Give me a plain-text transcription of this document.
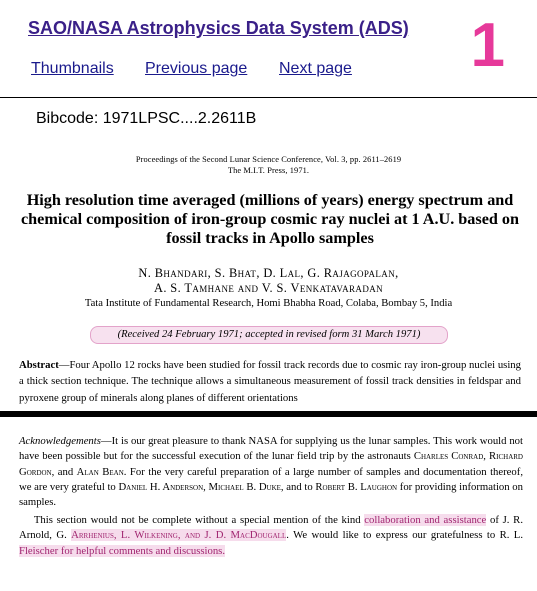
SAO/NASA Astrophysics Data System (ADS) 1
Thumbnails Previous page Next page
Bibcode: 1971LPSC....2.2611B
Proceedings of the Second Lunar Science Conference, Vol. 3, pp. 2611–2619
The M.I.T. Press, 1971.
High resolution time averaged (millions of years) energy spectrum and chemical composition of iron-group cosmic ray nuclei at 1 A.U. based on fossil tracks in Apollo samples
N. Bhandari, S. Bhat, D. Lal, G. Rajagopalan,
A. S. Tamhane and V. S. Venkatavaradan
Tata Institute of Fundamental Research, Homi Bhabha Road, Colaba, Bombay 5, India
(Received 24 February 1971; accepted in revised form 31 March 1971)

Abstract—Four Apollo 12 rocks have been studied for fossil track records due to cosmic ray iron-group nuclei using a thick section technique. The technique allows a simultaneous measurement of fossil track densities in feldspar and pyroxene group of minerals along planes of different orientations

Acknowledgements—It is our great pleasure to thank NASA for supplying us the lunar samples. This work would not have been possible but for the successful execution of the lunar field trip by the astronauts Charles Conrad, Richard Gordon, and Alan Bean. For the very careful preparation of a large number of samples and documentation thereof, we are very grateful to Daniel H. Anderson, Michael B. Duke, and to Robert B. Laughon for providing information on samples.

This section would not be complete without a special mention of the kind collaboration and assistance of J. R. Arnold, G. Arrhenius, L. Wilkening, and J. D. MacDougall. We would like to express our gratefulness to R. L. Fleischer for helpful comments and discussions.
